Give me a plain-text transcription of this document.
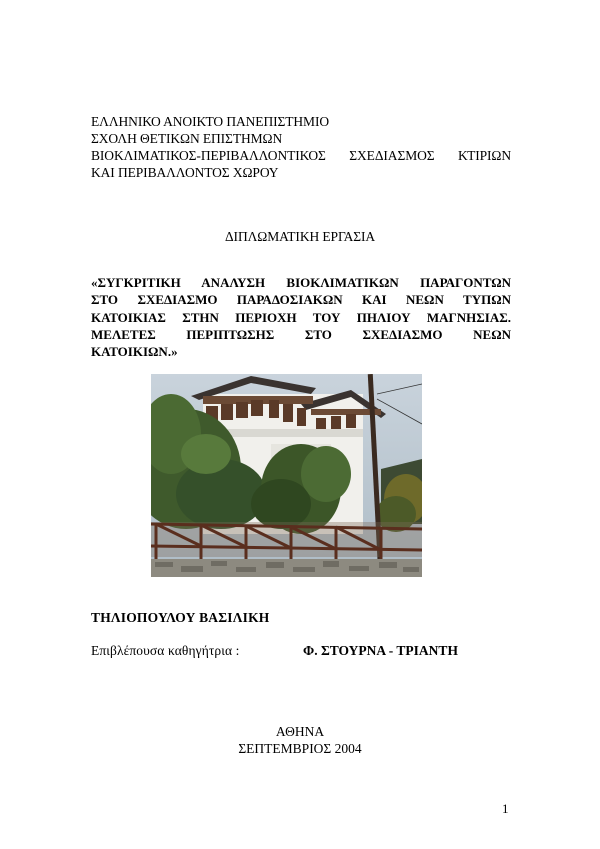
ΕΛΛΗΝΙΚΟ ΑΝΟΙΚΤΟ ΠΑΝΕΠΙΣΤΗΜΙΟ
ΣΧΟΛΗ ΘΕΤΙΚΩΝ ΕΠΙΣΤΗΜΩΝ
ΒΙΟΚΛΙΜΑΤΙΚΟΣ-ΠΕΡΙΒΑΛΛΟΝΤΙΚΟΣ ΣΧΕΔΙΑΣΜΟΣ ΚΤΙΡΙΩΝ
ΚΑΙ ΠΕΡΙΒΑΛΛΟΝΤΟΣ ΧΩΡΟΥ
ΔΙΠΛΩΜΑΤΙΚΗ ΕΡΓΑΣΙΑ
«ΣΥΓΚΡΙΤΙΚΗ ΑΝΑΛΥΣΗ ΒΙΟΚΛΙΜΑΤΙΚΩΝ ΠΑΡΑΓΟΝΤΩΝ
ΣΤΟ ΣΧΕΔΙΑΣΜΟ ΠΑΡΑΔΟΣΙΑΚΩΝ ΚΑΙ ΝΕΩΝ ΤΥΠΩΝ
ΚΑΤΟΙΚΙΑΣ ΣΤΗΝ ΠΕΡΙΟΧΗ ΤΟΥ ΠΗΛΙΟΥ ΜΑΓΝΗΣΙΑΣ.
ΜΕΛΕΤΕΣ ΠΕΡΙΠΤΩΣΗΣ ΣΤΟ ΣΧΕΔΙΑΣΜΟ ΝΕΩΝ
ΚΑΤΟΙΚΙΩΝ.»
ΤΗΛΙΟΠΟΥΛΟΥ ΒΑΣΙΛΙΚΗ
Επιβλέπουσα καθηγήτρια :	Φ. ΣΤΟΥΡΝΑ - ΤΡΙΑΝΤΗ
ΑΘΗΝΑ
ΣΕΠΤΕΜΒΡΙΟΣ 2004
1
